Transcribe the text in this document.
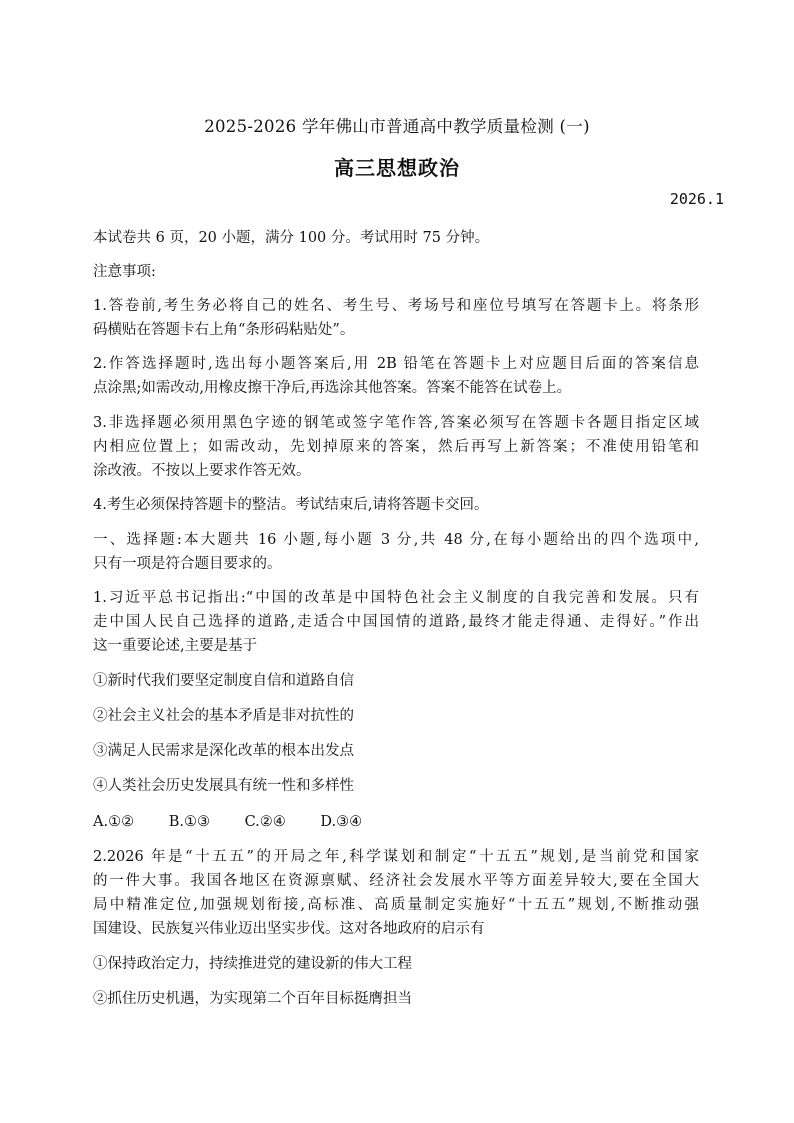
2025-2026 学年佛山市普通高中教学质量检测 (一)
高三思想政治
2026.1
本试卷共 6 页，20 小题，满分 100 分。考试用时 75 分钟。
注意事项:
1.答卷前,考生务必将自己的姓名、考生号、考场号和座位号填写在答题卡上。将条形
码横贴在答题卡右上角“条形码粘贴处”。
2.作答选择题时,选出每小题答案后,用 2B 铅笔在答题卡上对应题目后面的答案信息
点涂黑;如需改动,用橡皮擦干净后,再选涂其他答案。答案不能答在试卷上。
3.非选择题必须用黑色字迹的钢笔或签字笔作答,答案必须写在答题卡各题目指定区域
内相应位置上；如需改动，先划掉原来的答案，然后再写上新答案；不准使用铅笔和
涂改液。不按以上要求作答无效。
4.考生必须保持答题卡的整洁。考试结束后,请将答题卡交回。
一、选择题:本大题共 16 小题,每小题 3 分,共 48 分,在每小题给出的四个选项中,
只有一项是符合题目要求的。
1.习近平总书记指出:“中国的改革是中国特色社会主义制度的自我完善和发展。只有
走中国人民自己选择的道路,走适合中国国情的道路,最终才能走得通、走得好。”作出
这一重要论述,主要是基于
①新时代我们要坚定制度自信和道路自信
②社会主义社会的基本矛盾是非对抗性的
③满足人民需求是深化改革的根本出发点
④人类社会历史发展具有统一性和多样性
A.①② B.①③ C.②④ D.③④
2.2026 年是“十五五”的开局之年,科学谋划和制定“十五五”规划,是当前党和国家
的一件大事。我国各地区在资源禀赋、经济社会发展水平等方面差异较大,要在全国大
局中精准定位,加强规划衔接,高标准、高质量制定实施好“十五五”规划,不断推动强
国建设、民族复兴伟业迈出坚实步伐。这对各地政府的启示有
①保持政治定力，持续推进党的建设新的伟大工程
②抓住历史机遇，为实现第二个百年目标挺膺担当
